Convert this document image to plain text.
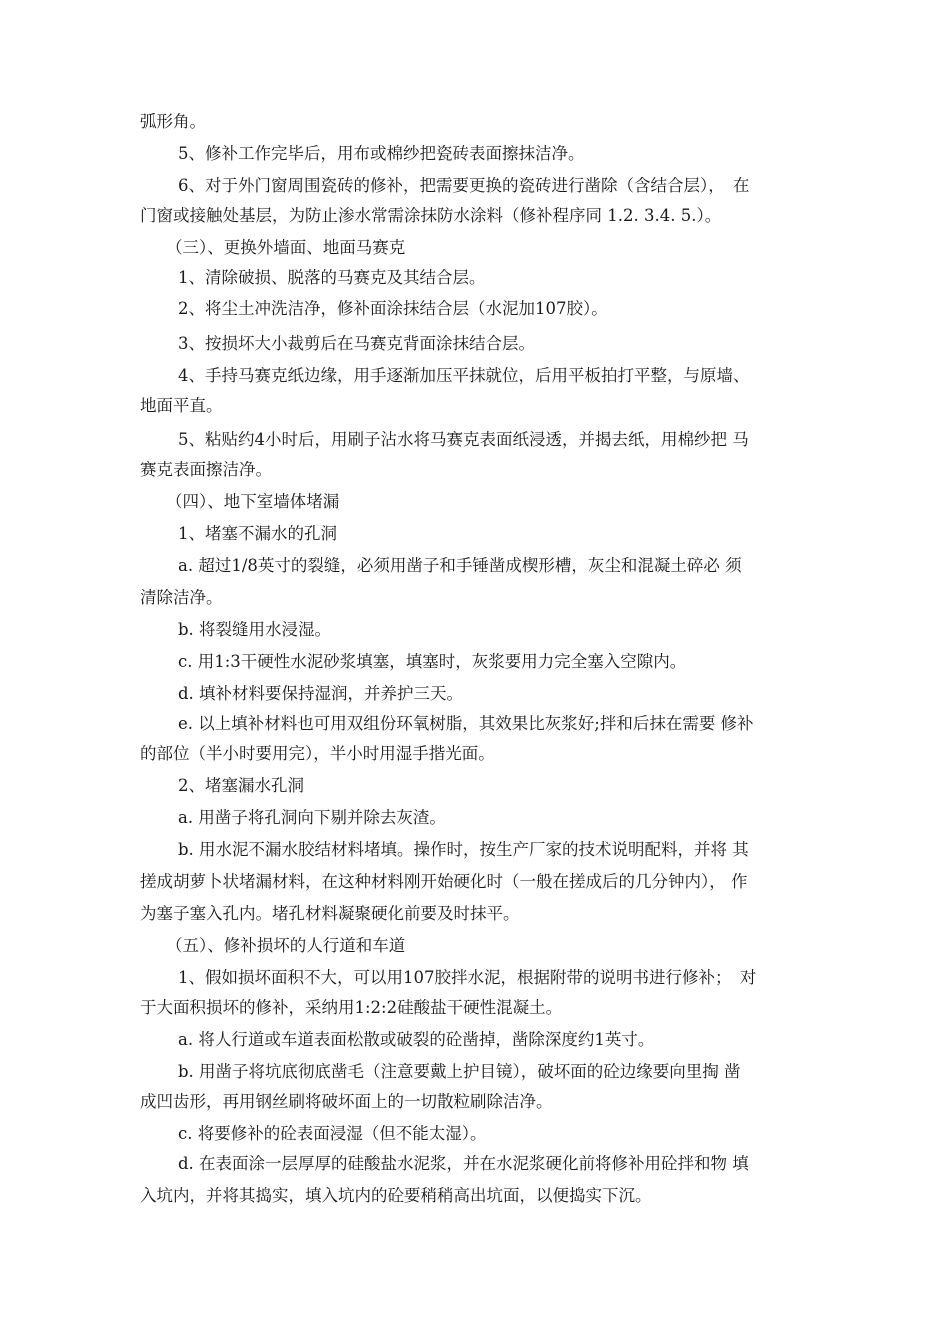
弧形角。
5、修补工作完毕后，用布或棉纱把瓷砖表面擦抹洁净。
6、对于外门窗周围瓷砖的修补，把需要更换的瓷砖进行凿除（含结合层），　在
门窗或接触处基层，为防止渗水常需涂抹防水涂料（修补程序同 1.2. 3.4. 5.）。
（三）、更换外墙面、地面马赛克
1、清除破损、脱落的马赛克及其结合层。
2、将尘土冲洗洁净，修补面涂抹结合层（水泥加107胶）。
3、按损坏大小裁剪后在马赛克背面涂抹结合层。
4、手持马赛克纸边缘，用手逐渐加压平抹就位，后用平板拍打平整，与原墙、
地面平直。
5、粘贴约4小时后，用刷子沾水将马赛克表面纸浸透，并揭去纸，用棉纱把 马
赛克表面擦洁净。
（四）、地下室墙体堵漏
1、堵塞不漏水的孔洞
a. 超过1/8英寸的裂缝，必须用凿子和手锤凿成楔形槽，灰尘和混凝土碎必 须
清除洁净。
b. 将裂缝用水浸湿。
c. 用1:3干硬性水泥砂浆填塞，填塞时，灰浆要用力完全塞入空隙内。
d. 填补材料要保持湿润，并养护三天。
e. 以上填补材料也可用双组份环氧树脂，其效果比灰浆好;拌和后抹在需要 修补
的部位（半小时要用完），半小时用湿手揩光面。
2、堵塞漏水孔洞
a. 用凿子将孔洞向下剔并除去灰渣。
b. 用水泥不漏水胶结材料堵填。操作时，按生产厂家的技术说明配料，并将 其
搓成胡萝卜状堵漏材料，在这种材料刚开始硬化时（一般在搓成后的几分钟内）， 作
为塞子塞入孔内。堵孔材料凝聚硬化前要及时抹平。
（五）、修补损坏的人行道和车道
1、假如损坏面积不大，可以用107胶拌水泥，根据附带的说明书进行修补；　对
于大面积损坏的修补，采纳用1:2:2硅酸盐干硬性混凝土。
a. 将人行道或车道表面松散或破裂的砼凿掉，凿除深度约1英寸。
b. 用凿子将坑底彻底凿毛（注意要戴上护目镜），破坏面的砼边缘要向里掏 凿
成凹齿形，再用钢丝刷将破坏面上的一切散粒刷除洁净。
c. 将要修补的砼表面浸湿（但不能太湿）。
d. 在表面涂一层厚厚的硅酸盐水泥浆，并在水泥浆硬化前将修补用砼拌和物 填
入坑内，并将其捣实，填入坑内的砼要稍稍高出坑面，以便捣实下沉。
